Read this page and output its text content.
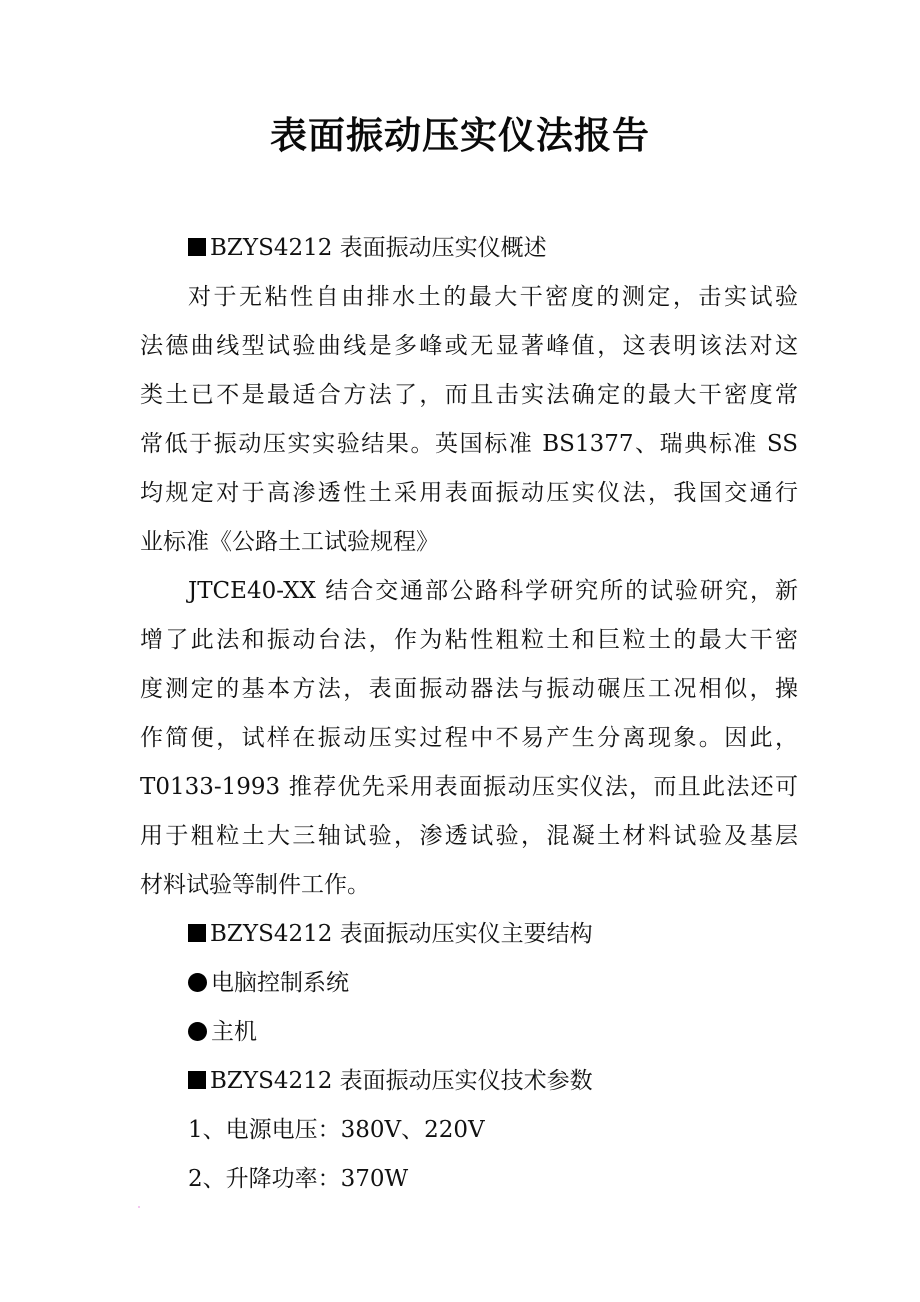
表面振动压实仪法报告
BZYS4212 表面振动压实仪概述
对于无粘性自由排水土的最大干密度的测定，击实试验
法德曲线型试验曲线是多峰或无显著峰值，这表明该法对这
类土已不是最适合方法了，而且击实法确定的最大干密度常
常低于振动压实实验结果。英国标准 BS1377、瑞典标准 SS
均规定对于高渗透性土采用表面振动压实仪法，我国交通行
业标准《公路土工试验规程》
JTCE40-XX 结合交通部公路科学研究所的试验研究，新
增了此法和振动台法，作为粘性粗粒土和巨粒土的最大干密
度测定的基本方法，表面振动器法与振动碾压工况相似，操
作简便，试样在振动压实过程中不易产生分离现象。因此，
T0133-1993 推荐优先采用表面振动压实仪法，而且此法还可
用于粗粒土大三轴试验，渗透试验，混凝土材料试验及基层
材料试验等制件工作。
BZYS4212 表面振动压实仪主要结构
电脑控制系统
主机
BZYS4212 表面振动压实仪技术参数
1、电源电压：380V、220V
2、升降功率：370W
